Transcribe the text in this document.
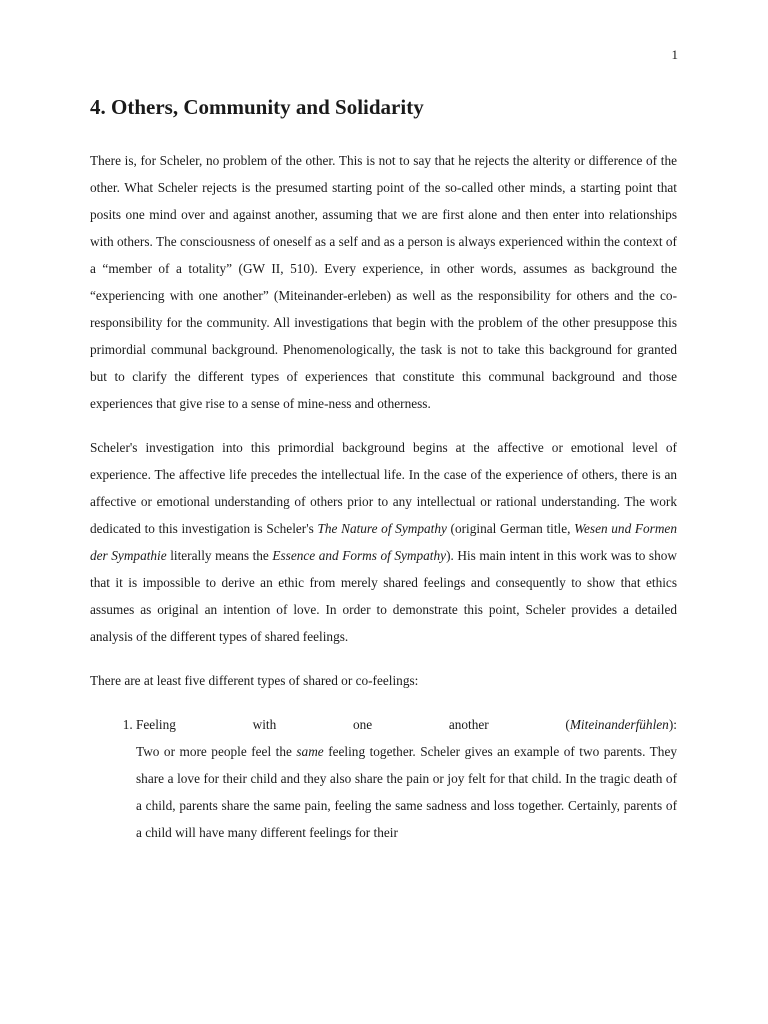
1
4. Others, Community and Solidarity

There is, for Scheler, no problem of the other. This is not to say that he rejects the alterity or difference of the other. What Scheler rejects is the presumed starting point of the so-called other minds, a starting point that posits one mind over and against another, assuming that we are first alone and then enter into relationships with others. The consciousness of oneself as a self and as a person is always experienced within the context of a “member of a totality” (GW II, 510). Every experience, in other words, assumes as background the “experiencing with one another” (Miteinander-erleben) as well as the responsibility for others and the co-responsibility for the community. All investigations that begin with the problem of the other presuppose this primordial communal background. Phenomenologically, the task is not to take this background for granted but to clarify the different types of experiences that constitute this communal background and those experiences that give rise to a sense of mine-ness and otherness.

Scheler's investigation into this primordial background begins at the affective or emotional level of experience. The affective life precedes the intellectual life. In the case of the experience of others, there is an affective or emotional understanding of others prior to any intellectual or rational understanding. The work dedicated to this investigation is Scheler's The Nature of Sympathy (original German title, Wesen und Formen der Sympathie literally means the Essence and Forms of Sympathy). His main intent in this work was to show that it is impossible to derive an ethic from merely shared feelings and consequently to show that ethics assumes as original an intention of love. In order to demonstrate this point, Scheler provides a detailed analysis of the different types of shared feelings.

There are at least five different types of shared or co-feelings:

1. Feeling	with	one	another	(Miteinanderfühlen):
Two or more people feel the same feeling together. Scheler gives an example of two parents. They share a love for their child and they also share the pain or joy felt for that child. In the tragic death of a child, parents share the same pain, feeling the same sadness and loss together. Certainly, parents of a child will have many different feelings for their
